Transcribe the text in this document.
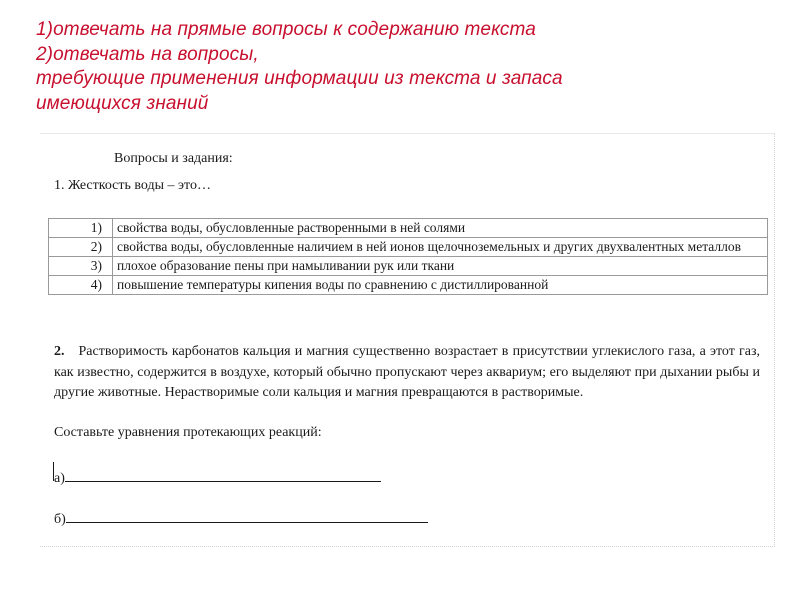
1)отвечать на прямые вопросы к содержанию текста
2)отвечать на вопросы,
требующие применения информации из текста и запаса
имеющихся знаний
Вопросы и задания:
1. Жесткость воды – это…
1)	свойства воды, обусловленные растворенными в ней солями
2)	свойства воды, обусловленные наличием в ней ионов щелочноземельных и других двухвалентных металлов
3)	плохое образование пены при намыливании рук или ткани
4)	повышение температуры кипения воды по сравнению с дистиллированной
2. Растворимость карбонатов кальция и магния существенно возрастает в присутствии углекислого газа, а этот газ, как известно, содержится в воздухе, который обычно пропускают через аквариум; его выделяют при дыхании рыбы и другие животные. Нерастворимые соли кальция и магния превращаются в растворимые.
Составьте уравнения протекающих реакций:
а)
б)
